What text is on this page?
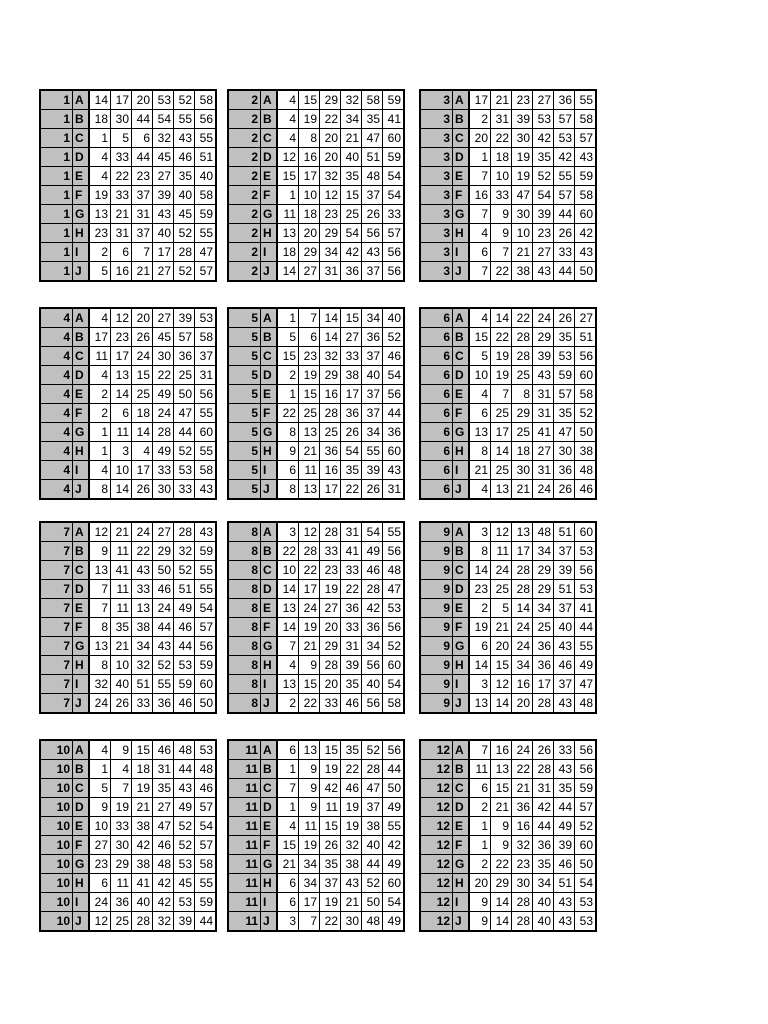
1	A	14	17	20	53	52	58
1	B	18	30	44	54	55	56
1	C	1	5	6	32	43	55
1	D	4	33	44	45	46	51
1	E	4	22	23	27	35	40
1	F	19	33	37	39	40	58
1	G	13	21	31	43	45	59
1	H	23	31	37	40	52	55
1	I	2	6	7	17	28	47
1	J	5	16	21	27	52	57
2	A	4	15	29	32	58	59
2	B	4	19	22	34	35	41
2	C	4	8	20	21	47	60
2	D	12	16	20	40	51	59
2	E	15	17	32	35	48	54
2	F	1	10	12	15	37	54
2	G	11	18	23	25	26	33
2	H	13	20	29	54	56	57
2	I	18	29	34	42	43	56
2	J	14	27	31	36	37	56
3	A	17	21	23	27	36	55
3	B	2	31	39	53	57	58
3	C	20	22	30	42	53	57
3	D	1	18	19	35	42	43
3	E	7	10	19	52	55	59
3	F	16	33	47	54	57	58
3	G	7	9	30	39	44	60
3	H	4	9	10	23	26	42
3	I	6	7	21	27	33	43
3	J	7	22	38	43	44	50
4	A	4	12	20	27	39	53
4	B	17	23	26	45	57	58
4	C	11	17	24	30	36	37
4	D	4	13	15	22	25	31
4	E	2	14	25	49	50	56
4	F	2	6	18	24	47	55
4	G	1	11	14	28	44	60
4	H	1	3	4	49	52	55
4	I	4	10	17	33	53	58
4	J	8	14	26	30	33	43
5	A	1	7	14	15	34	40
5	B	5	6	14	27	36	52
5	C	15	23	32	33	37	46
5	D	2	19	29	38	40	54
5	E	1	15	16	17	37	56
5	F	22	25	28	36	37	44
5	G	8	13	25	26	34	36
5	H	9	21	36	54	55	60
5	I	6	11	16	35	39	43
5	J	8	13	17	22	26	31
6	A	4	14	22	24	26	27
6	B	15	22	28	29	35	51
6	C	5	19	28	39	53	56
6	D	10	19	25	43	59	60
6	E	4	7	8	31	57	58
6	F	6	25	29	31	35	52
6	G	13	17	25	41	47	50
6	H	8	14	18	27	30	38
6	I	21	25	30	31	36	48
6	J	4	13	21	24	26	46
7	A	12	21	24	27	28	43
7	B	9	11	22	29	32	59
7	C	13	41	43	50	52	55
7	D	7	11	33	46	51	55
7	E	7	11	13	24	49	54
7	F	8	35	38	44	46	57
7	G	13	21	34	43	44	56
7	H	8	10	32	52	53	59
7	I	32	40	51	55	59	60
7	J	24	26	33	36	46	50
8	A	3	12	28	31	54	55
8	B	22	28	33	41	49	56
8	C	10	22	23	33	46	48
8	D	14	17	19	22	28	47
8	E	13	24	27	36	42	53
8	F	14	19	20	33	36	56
8	G	7	21	29	31	34	52
8	H	4	9	28	39	56	60
8	I	13	15	20	35	40	54
8	J	2	22	33	46	56	58
9	A	3	12	13	48	51	60
9	B	8	11	17	34	37	53
9	C	14	24	28	29	39	56
9	D	23	25	28	29	51	53
9	E	2	5	14	34	37	41
9	F	19	21	24	25	40	44
9	G	6	20	24	36	43	55
9	H	14	15	34	36	46	49
9	I	3	12	16	17	37	47
9	J	13	14	20	28	43	48
10	A	4	9	15	46	48	53
10	B	1	4	18	31	44	48
10	C	5	7	19	35	43	46
10	D	9	19	21	27	49	57
10	E	10	33	38	47	52	54
10	F	27	30	42	46	52	57
10	G	23	29	38	48	53	58
10	H	6	11	41	42	45	55
10	I	24	36	40	42	53	59
10	J	12	25	28	32	39	44
11	A	6	13	15	35	52	56
11	B	1	9	19	22	28	44
11	C	7	9	42	46	47	50
11	D	1	9	11	19	37	49
11	E	4	11	15	19	38	55
11	F	15	19	26	32	40	42
11	G	21	34	35	38	44	49
11	H	6	34	37	43	52	60
11	I	6	17	19	21	50	54
11	J	3	7	22	30	48	49
12	A	7	16	24	26	33	56
12	B	11	13	22	28	43	56
12	C	6	15	21	31	35	59
12	D	2	21	36	42	44	57
12	E	1	9	16	44	49	52
12	F	1	9	32	36	39	60
12	G	2	22	23	35	46	50
12	H	20	29	30	34	51	54
12	I	9	14	28	40	43	53
12	J	9	14	28	40	43	53
